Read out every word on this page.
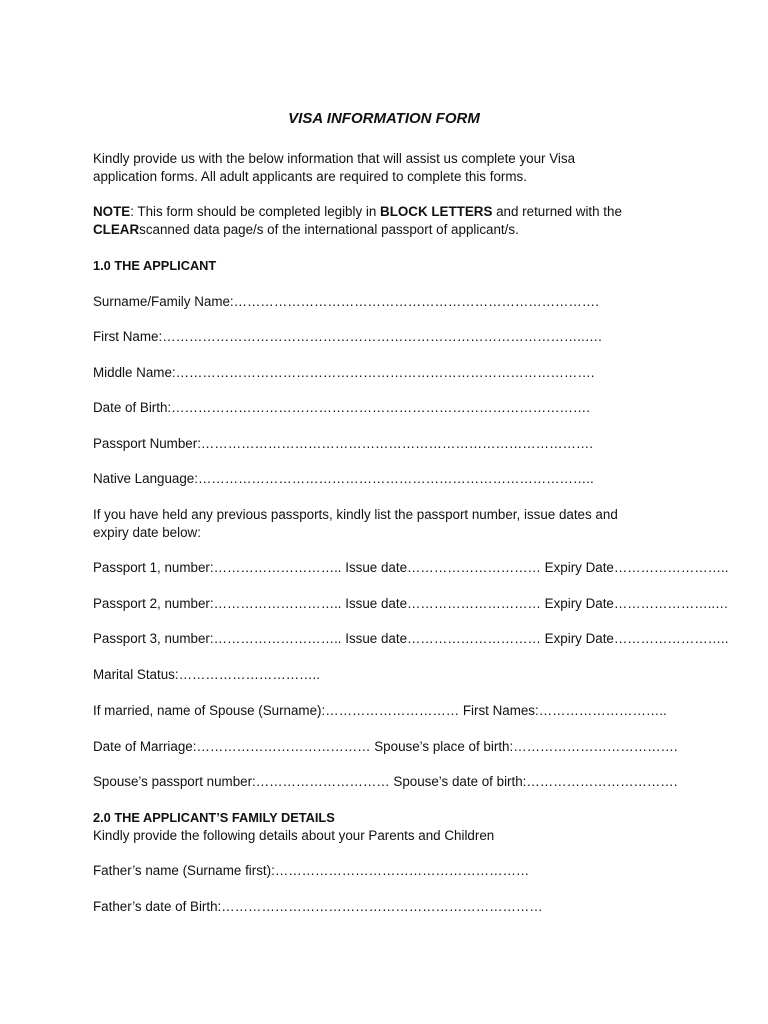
VISA INFORMATION FORM
Kindly provide us with the below information that will assist us complete your Visa
application forms. All adult applicants are required to complete this forms.
NOTE: This form should be completed legibly in BLOCK LETTERS and returned with the
CLEARscanned data page/s of the international passport of applicant/s.
1.0 THE APPLICANT
Surname/Family Name:……………………………………………………………………….
First Name:…………………………………………………………………………………..….
Middle Name:………………………………………………………………………………….
Date of Birth:………………………………………………………………………………….
Passport Number:…………………………………………………………………………….
Native Language:……………………………………………………………………………..
If you have held any previous passports, kindly list the passport number, issue dates and
expiry date below:
Passport 1, number:……………………….. Issue date………………………… Expiry Date……………………..
Passport 2, number:……………………….. Issue date………………………… Expiry Date…………………..…
Passport 3, number:……………………….. Issue date………………………… Expiry Date……………………..
Marital Status:…………………………..
If married, name of Spouse (Surname):………………………… First Names:………………………..
Date of Marriage:………………………………… Spouse’s place of birth:……………………………….
Spouse’s passport number:………………………… Spouse’s date of birth:…………………………….
2.0 THE APPLICANT’S FAMILY DETAILS
Kindly provide the following details about your Parents and Children
Father’s name (Surname first):…………………………………………………
Father’s date of Birth:………………………………………………………………
